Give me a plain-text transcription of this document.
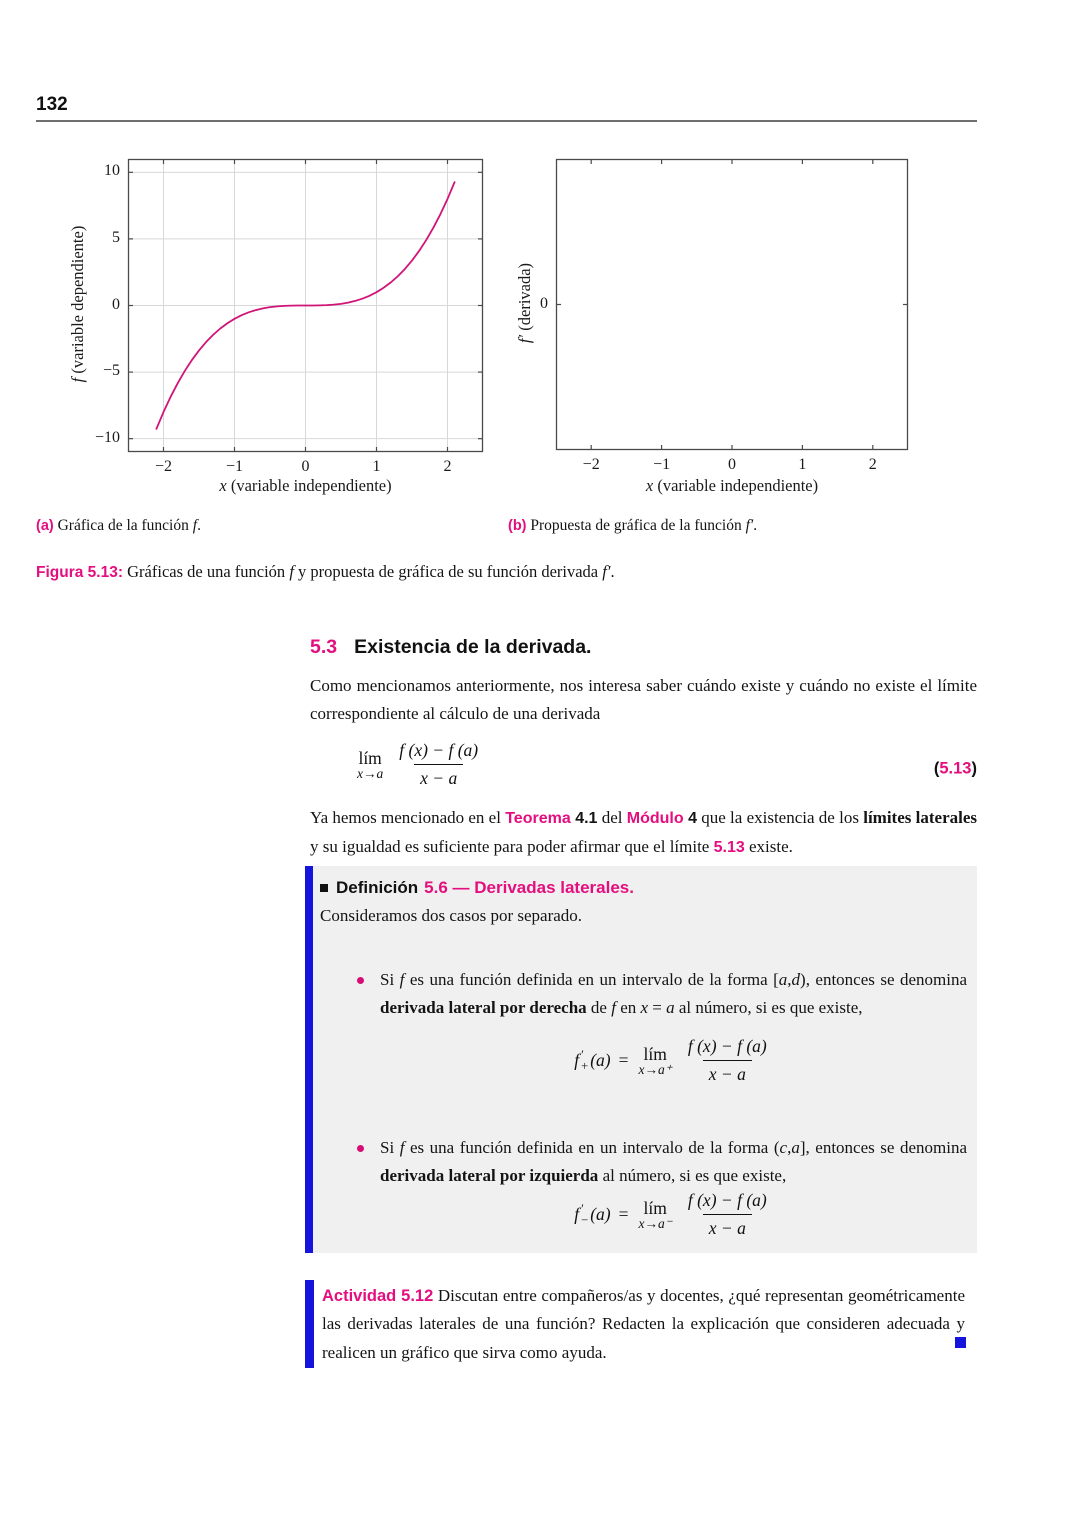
132
f (variable dependiente)
x (variable independiente)
−2	−1	0	1	2
10
5
0
−5
−10
f′ (derivada)
x (variable independiente)
−2	−1	0	1	2
0
(a) Gráfica de la función f.	(b) Propuesta de gráfica de la función f′.
Figura 5.13: Gráficas de una función f y propuesta de gráfica de su función derivada f′.
5.3 Existencia de la derivada.
Como mencionamos anteriormente, nos interesa saber cuándo existe y cuándo no existe el límite correspondiente al cálculo de una derivada
lím
$x\to a \frac{f (x) - f (a)}{x - a}$	(5.13)
Ya hemos mencionado en el Teorema 4.1 del Módulo 4 que la existencia de los límites laterales y su igualdad es suficiente para poder afirmar que el límite 5.13 existe.
Definición 5.6 — Derivadas laterales.
Consideramos dos casos por separado.
Si f es una función definida en un intervalo de la forma [a,d), entonces se denomina derivada lateral por derecha de f en x = a al número, si es que existe,
f ′
+ (a) = lím
$x\to a^+ \frac{f (x) - f (a)}{x - a}$
Si f es una función definida en un intervalo de la forma (c,a], entonces se denomina derivada lateral por izquierda al número, si es que existe,
f ′
− (a) = lím
$x\to a^- \frac{f (x) - f (a)}{x - a}$
Actividad 5.12 Discutan entre compañeros/as y docentes, ¿qué representan geométricamente las derivadas laterales de una función? Redacten la explicación que consideren adecuada y realicen un gráfico que sirva como ayuda.
